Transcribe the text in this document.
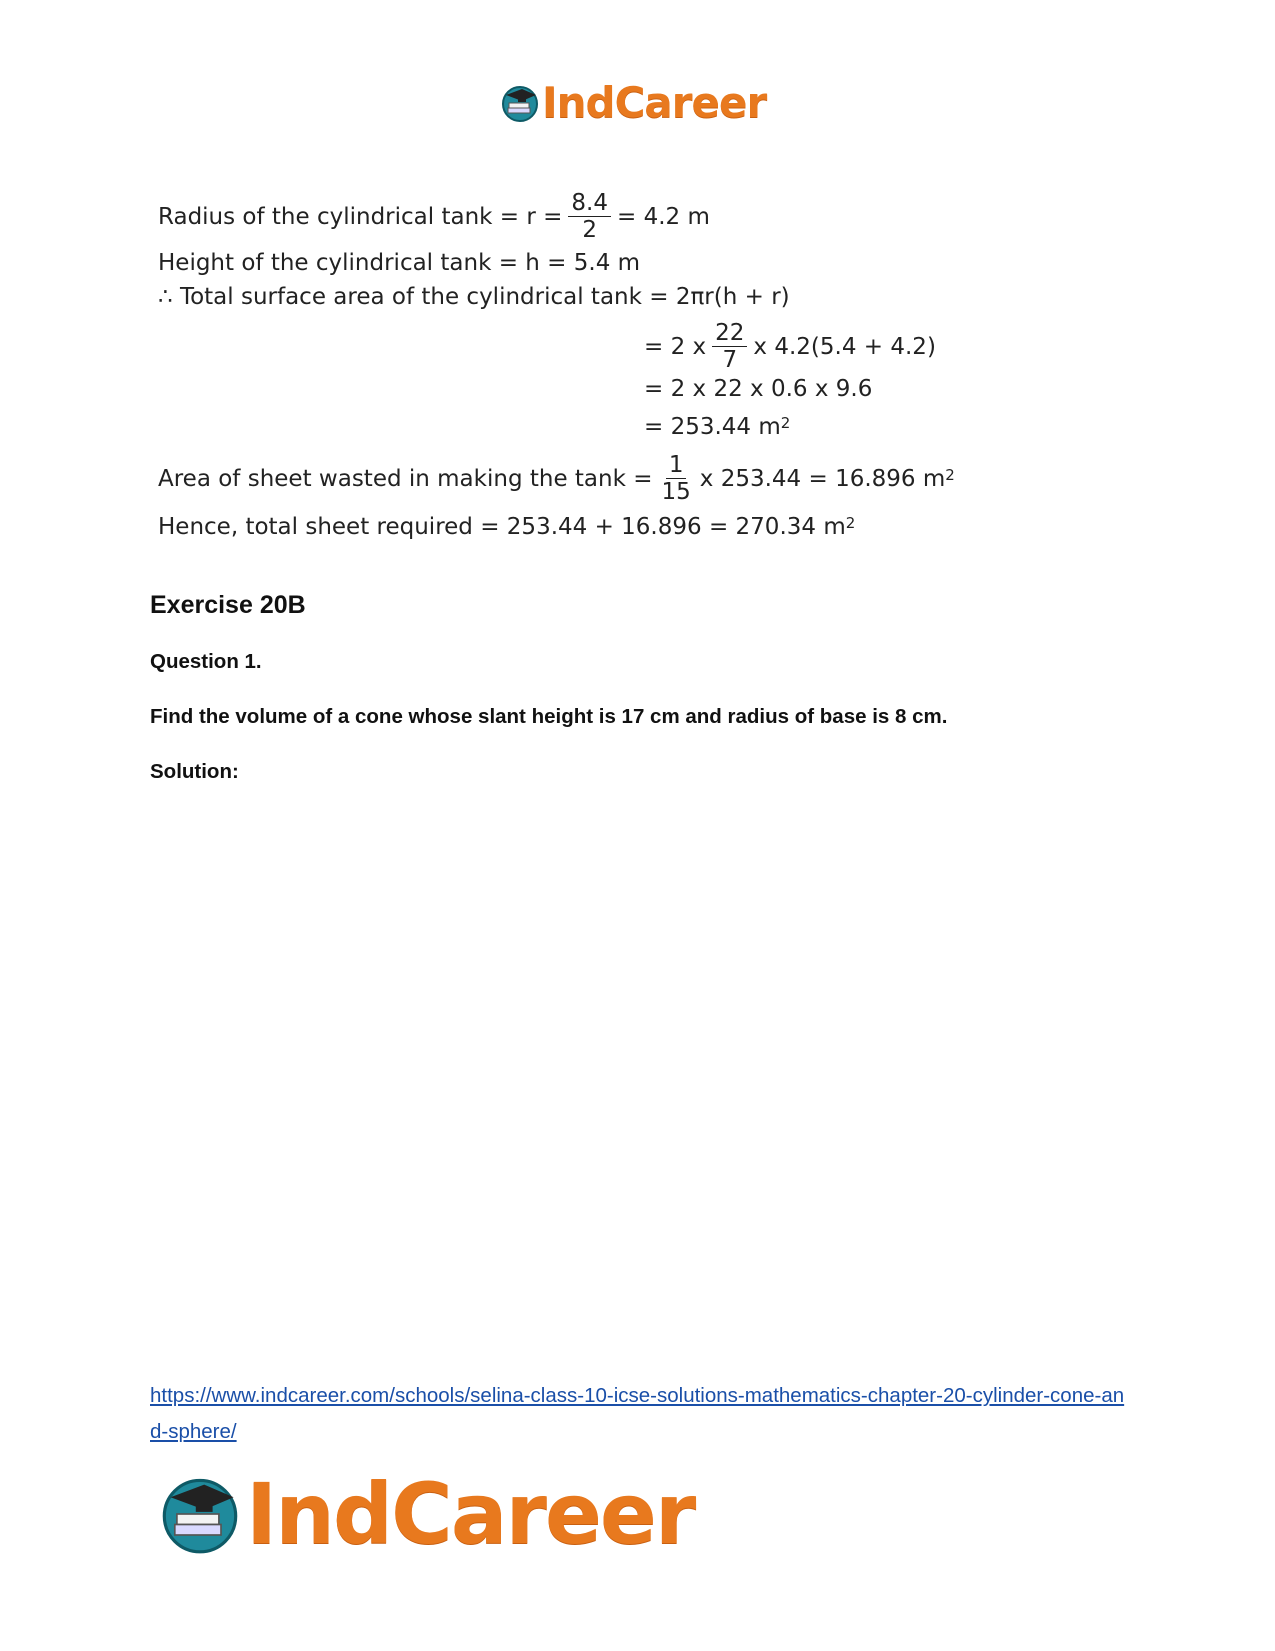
IndCareer
Radius of the cylindrical $\tan k = r = \frac{8.4}{2} = 4.2$ m
Height of the cylindrical tank = h = 5.4 m
∴ Total surface area of the cylindrical tank = 2πr(h + r)
= 2 x $\frac{22}{7}$ x 4.2(5.4 + 4.2)
= 2 x 22 x 0.6 x 9.6
= 253.44 $m^2$
Area of sheet wasted in making the $\tan k = \frac{1}{15}$ x 253.44 = 16.896 $m^2$
Hence, total sheet required = 253.44 + 16.896 = 270.34 $m^2$
Exercise 20B

Question 1.

Find the volume of a cone whose slant height is 17 cm and radius of base is 8 cm.

Solution:

https://www.indcareer.com/schools/selina-class-10-icse-solutions-mathematics-chapter-20-cylinder-cone-and-sphere/
IndCareer
